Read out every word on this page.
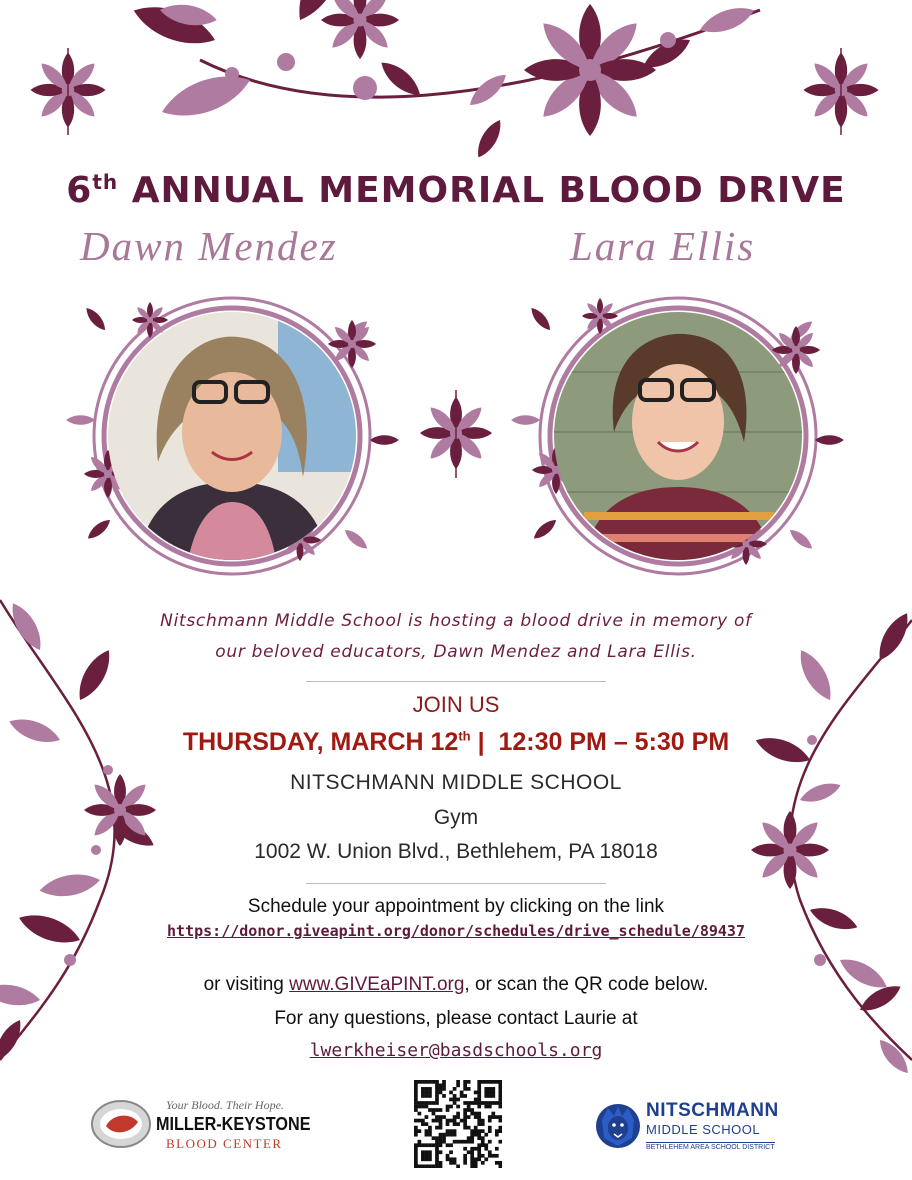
6th ANNUAL MEMORIAL BLOOD DRIVE
Dawn Mendez	Lara Ellis
Nitschmann Middle School is hosting a blood drive in memory of
our beloved educators, Dawn Mendez and Lara Ellis.
JOIN US
THURSDAY, MARCH 12th | 12:30 PM – 5:30 PM
NITSCHMANN MIDDLE SCHOOL
Gym
1002 W. Union Blvd., Bethlehem, PA 18018
Schedule your appointment by clicking on the link
https://donor.giveapint.org/donor/schedules/drive_schedule/89437
or visiting www.GIVEaPINT.org, or scan the QR code below.
For any questions, please contact Laurie at
lwerkheiser@basdschools.org
Your Blood. Their Hope.
MILLER-KEYSTONE
BLOOD CENTER
NITSCHMANN
MIDDLE SCHOOL
BETHLEHEM AREA SCHOOL DISTRICT
